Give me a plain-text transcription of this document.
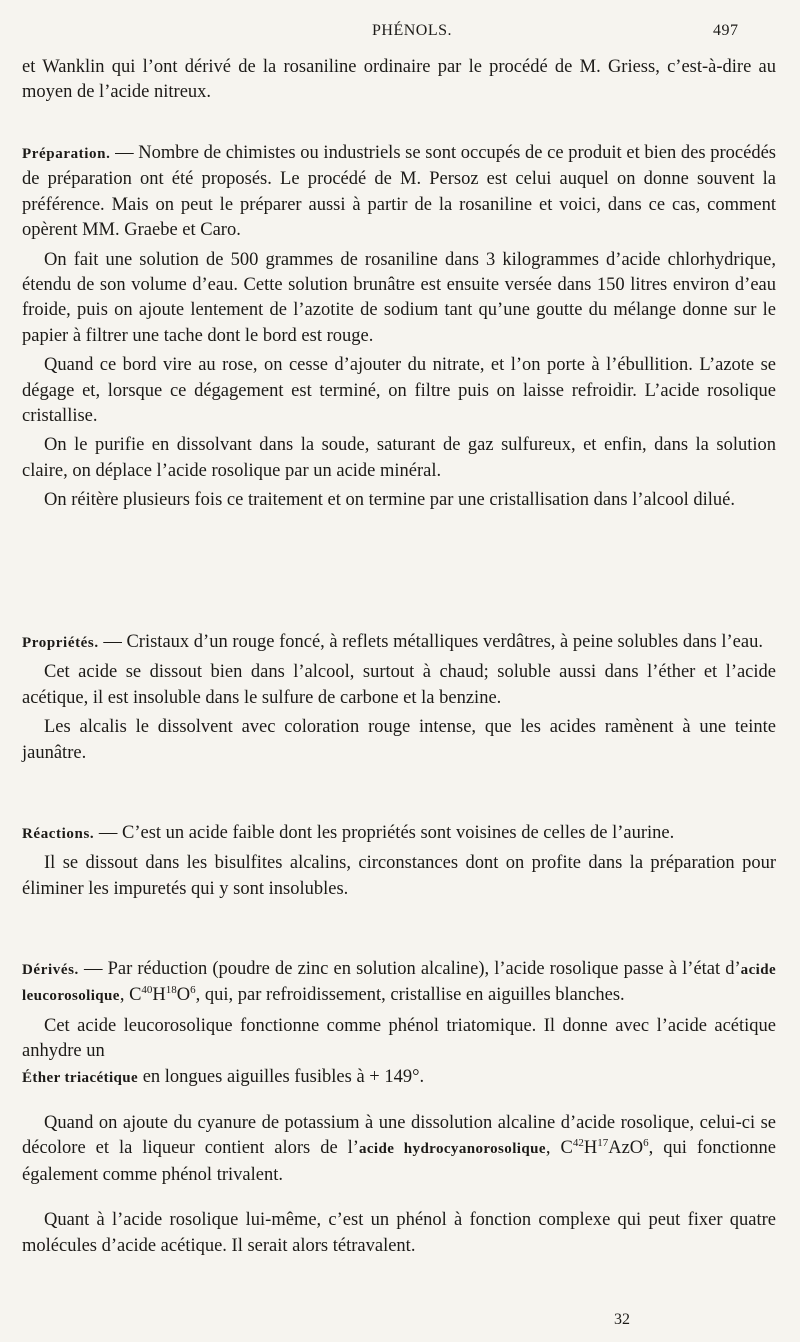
PHÉNOLS.	497

et Wanklin qui l’ont dérivé de la rosaniline ordinaire par le procédé de M. Griess, c’est-à-dire au moyen de l’acide nitreux.

Préparation. — Nombre de chimistes ou industriels se sont occupés de ce produit et bien des procédés de préparation ont été proposés. Le procédé de M. Persoz est celui auquel on donne souvent la préférence. Mais on peut le préparer aussi à partir de la rosaniline et voici, dans ce cas, comment opèrent MM. Graebe et Caro.

On fait une solution de 500 grammes de rosaniline dans 3 kilogrammes d’acide chlorhydrique, étendu de son volume d’eau. Cette solution brunâtre est ensuite versée dans 150 litres environ d’eau froide, puis on ajoute lentement de l’azotite de sodium tant qu’une goutte du mélange donne sur le papier à filtrer une tache dont le bord est rouge.

Quand ce bord vire au rose, on cesse d’ajouter du nitrate, et l’on porte à l’ébullition. L’azote se dégage et, lorsque ce dégagement est terminé, on filtre puis on laisse refroidir. L’acide rosolique cristallise.

On le purifie en dissolvant dans la soude, saturant de gaz sulfureux, et enfin, dans la solution claire, on déplace l’acide rosolique par un acide minéral.

On réitère plusieurs fois ce traitement et on termine par une cristallisation dans l’alcool dilué.

Propriétés. — Cristaux d’un rouge foncé, à reflets métalliques verdâtres, à peine solubles dans l’eau.

Cet acide se dissout bien dans l’alcool, surtout à chaud; soluble aussi dans l’éther et l’acide acétique, il est insoluble dans le sulfure de carbone et la benzine.

Les alcalis le dissolvent avec coloration rouge intense, que les acides ramènent à une teinte jaunâtre.

Réactions. — C’est un acide faible dont les propriétés sont voisines de celles de l’aurine.

Il se dissout dans les bisulfites alcalins, circonstances dont on profite dans la préparation pour éliminer les impuretés qui y sont insolubles.

Dérivés. — Par réduction (poudre de zinc en solution alcaline), l’acide rosolique passe à l’état d’acide leucorosolique, $C^{40}H^{18}O^6$, qui, par refroidissement, cristallise en aiguilles blanches.

Cet acide leucorosolique fonctionne comme phénol triatomique. Il donne avec l’acide acétique anhydre un

Éther triacétique en longues aiguilles fusibles à + 149°.

Quand on ajoute du cyanure de potassium à une dissolution alcaline d’acide rosolique, celui-ci se décolore et la liqueur contient alors de l’acide hydrocyanorosolique, $C^{42}H^{17}AzO^6$, qui fonctionne également comme phénol trivalent.

Quant à l’acide rosolique lui-même, c’est un phénol à fonction complexe qui peut fixer quatre molécules d’acide acétique. Il serait alors tétravalent.

32
